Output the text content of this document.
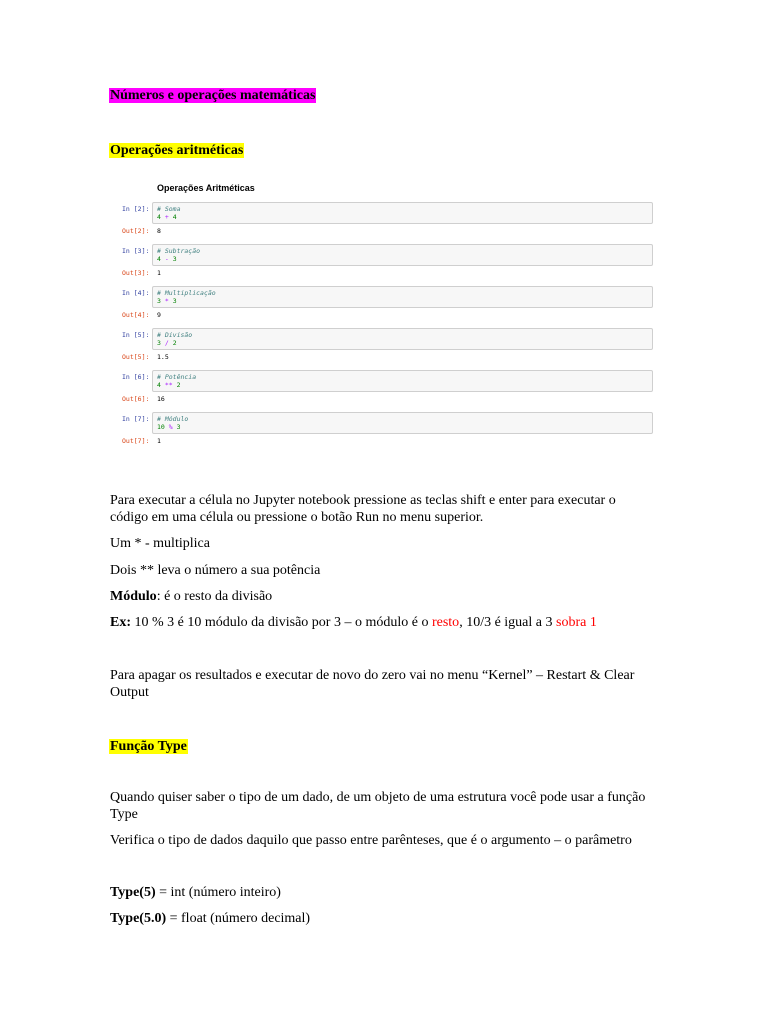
Números e operações matemáticas
Operações aritméticas
Operações Aritméticas
In [2]: # Soma
4 + 4
Out[2]: 8
In [3]: # Subtração
4 - 3
Out[3]: 1
In [4]: # Multiplicação
3 * 3
Out[4]: 9
In [5]: # Divisão
3 / 2
Out[5]: 1.5
In [6]: # Potência
4 ** 2
Out[6]: 16
In [7]: # Módulo
10 % 3
Out[7]: 1
Para executar a célula no Jupyter notebook pressione as teclas shift e enter para executar o código em uma célula ou pressione o botão Run no menu superior.
Um * - multiplica
Dois ** leva o número a sua potência
Módulo: é o resto da divisão
Ex: 10 % 3 é 10 módulo da divisão por 3 – o módulo é o resto, 10/3 é igual a 3 sobra 1
Para apagar os resultados e executar de novo do zero vai no menu “Kernel” – Restart & Clear Output
Função Type
Quando quiser saber o tipo de um dado, de um objeto de uma estrutura você pode usar a função Type
Verifica o tipo de dados daquilo que passo entre parênteses, que é o argumento – o parâmetro
Type(5) = int (número inteiro)
Type(5.0) = float (número decimal)
